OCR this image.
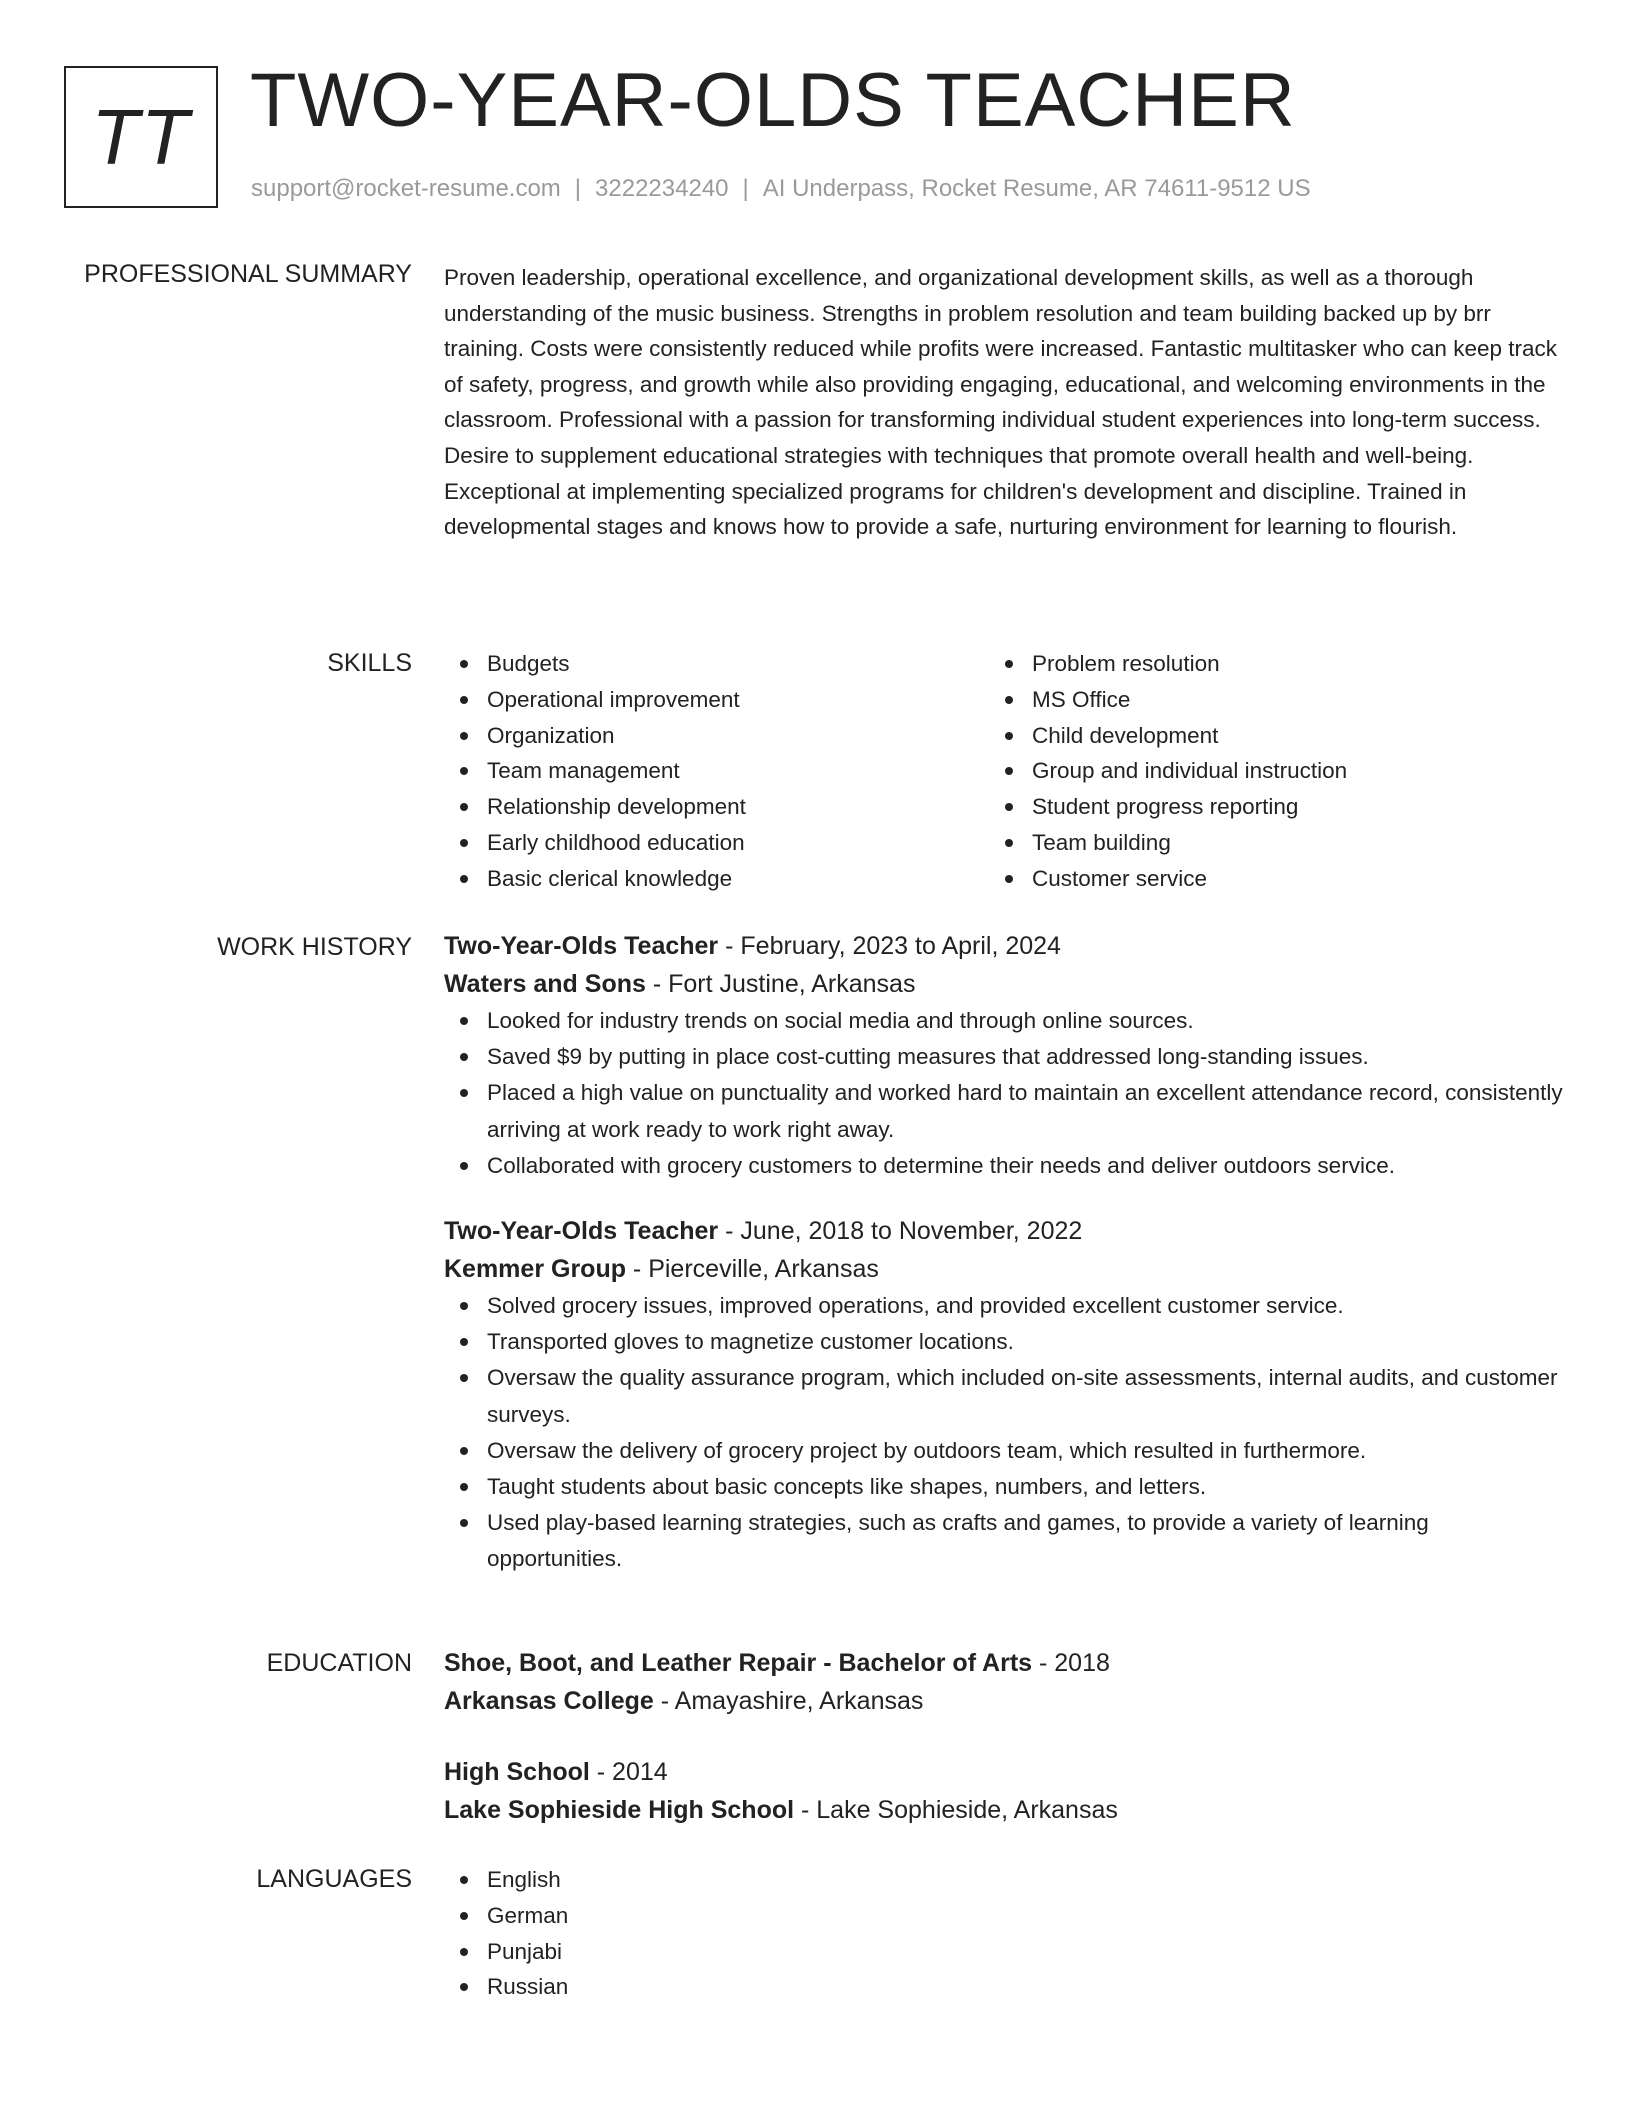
TT TWO-YEAR-OLDS TEACHER
support@rocket-resume.com | 3222234240 | AI Underpass, Rocket Resume, AR 74611-9512 US
PROFESSIONAL SUMMARY Proven leadership, operational excellence, and organizational development skills, as well as a thorough understanding of the music business. Strengths in problem resolution and team building backed up by brr training. Costs were consistently reduced while profits were increased. Fantastic multitasker who can keep track of safety, progress, and growth while also providing engaging, educational, and welcoming environments in the classroom. Professional with a passion for transforming individual student experiences into long-term success. Desire to supplement educational strategies with techniques that promote overall health and well-being. Exceptional at implementing specialized programs for children's development and discipline. Trained in developmental stages and knows how to provide a safe, nurturing environment for learning to flourish.

SKILLS	Budgets
Operational improvement
Organization
Team management
Relationship development
Early childhood education
Basic clerical knowledge
Problem resolution
MS Office
Child development
Group and individual instruction
Student progress reporting
Team building
Customer service
WORK HISTORY Two-Year-Olds Teacher - February, 2023 to April, 2024
Waters and Sons - Fort Justine, Arkansas
Looked for industry trends on social media and through online sources.
Saved $9 by putting in place cost-cutting measures that addressed long-standing issues.
Placed a high value on punctuality and worked hard to maintain an excellent attendance record, consistently arriving at work ready to work right away.
Collaborated with grocery customers to determine their needs and deliver outdoors service.
Two-Year-Olds Teacher - June, 2018 to November, 2022
Kemmer Group - Pierceville, Arkansas
Solved grocery issues, improved operations, and provided excellent customer service.
Transported gloves to magnetize customer locations.
Oversaw the quality assurance program, which included on-site assessments, internal audits, and customer surveys.
Oversaw the delivery of grocery project by outdoors team, which resulted in furthermore.
Taught students about basic concepts like shapes, numbers, and letters.
Used play-based learning strategies, such as crafts and games, to provide a variety of learning opportunities.
EDUCATION Shoe, Boot, and Leather Repair - Bachelor of Arts - 2018
Arkansas College - Amayashire, Arkansas
High School - 2014
Lake Sophieside High School - Lake Sophieside, Arkansas
LANGUAGES	English
German
Punjabi
Russian
